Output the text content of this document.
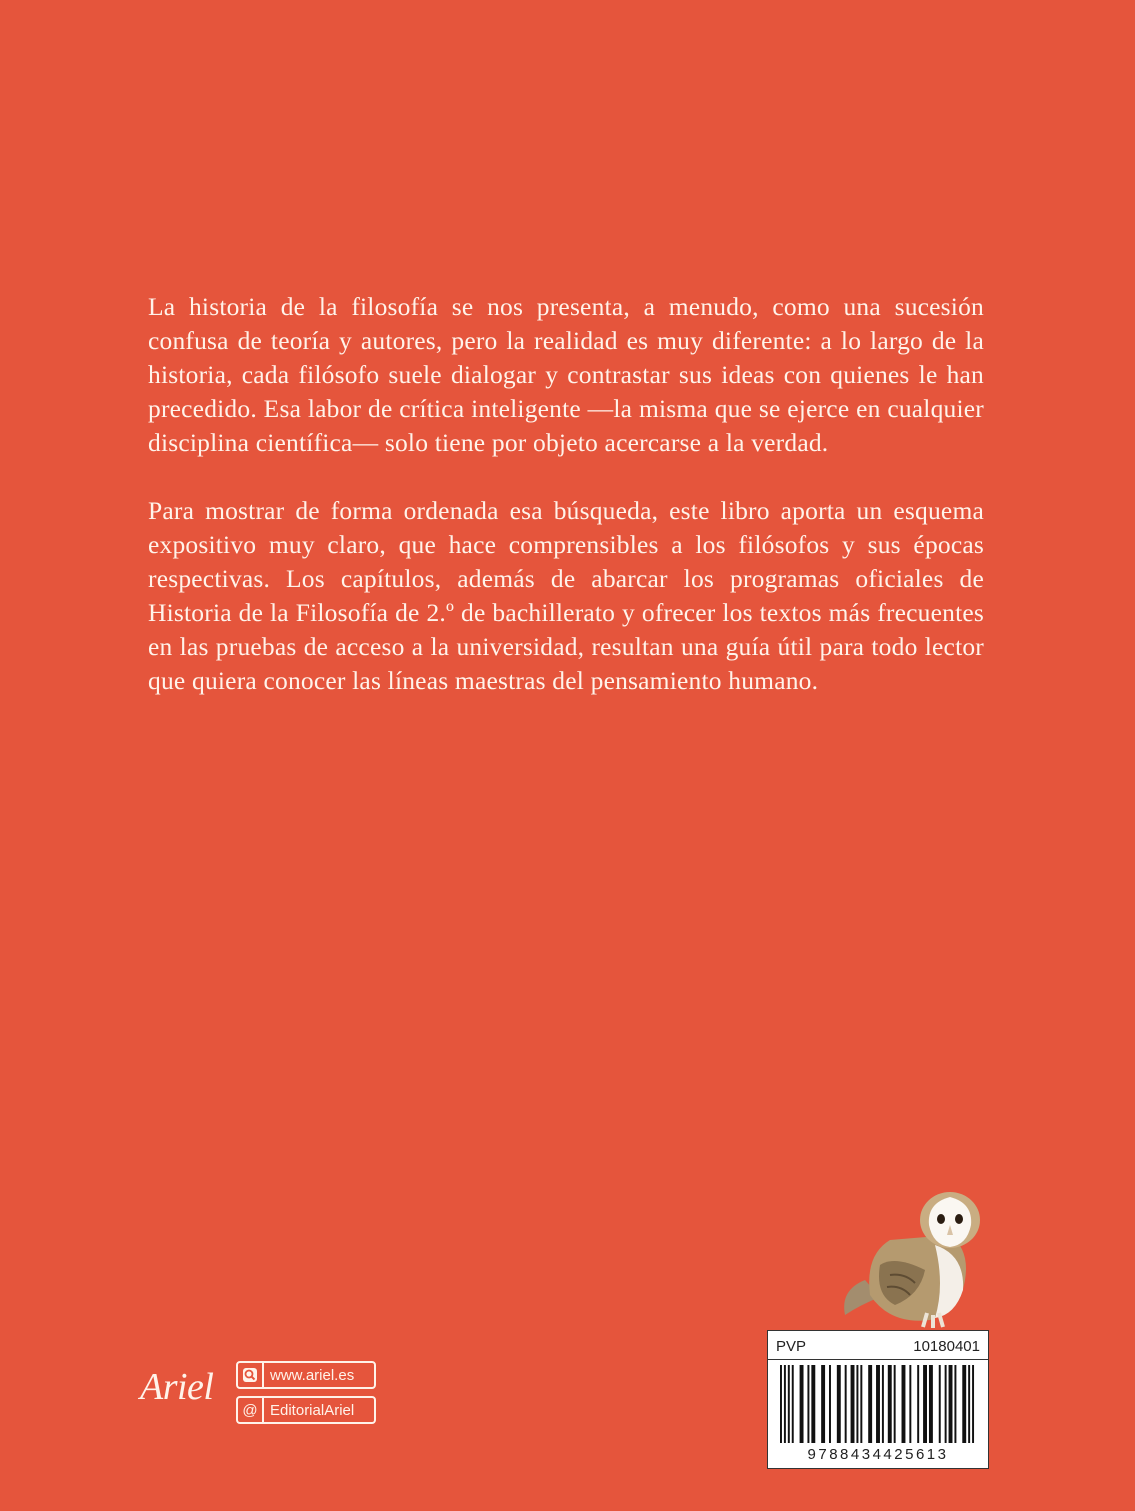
La historia de la filosofía se nos presenta, a menudo, como una sucesión confusa de teoría y autores, pero la realidad es muy diferente: a lo largo de la historia, cada filósofo suele dialogar y contrastar sus ideas con quienes le han precedido. Esa labor de crítica inteligente —la misma que se ejerce en cualquier disciplina científica— solo tiene por objeto acercarse a la verdad.

Para mostrar de forma ordenada esa búsqueda, este libro aporta un esquema expositivo muy claro, que hace comprensibles a los filósofos y sus épocas respectivas. Los capítulos, además de abarcar los programas oficiales de Historia de la Filosofía de 2.º de bachillerato y ofrecer los textos más frecuentes en las pruebas de acceso a la universidad, resultan una guía útil para todo lector que quiera conocer las líneas maestras del pensamiento humano.

PVP	10180401
9788434425613
Ariel	www.ariel.es
@ EditorialAriel
